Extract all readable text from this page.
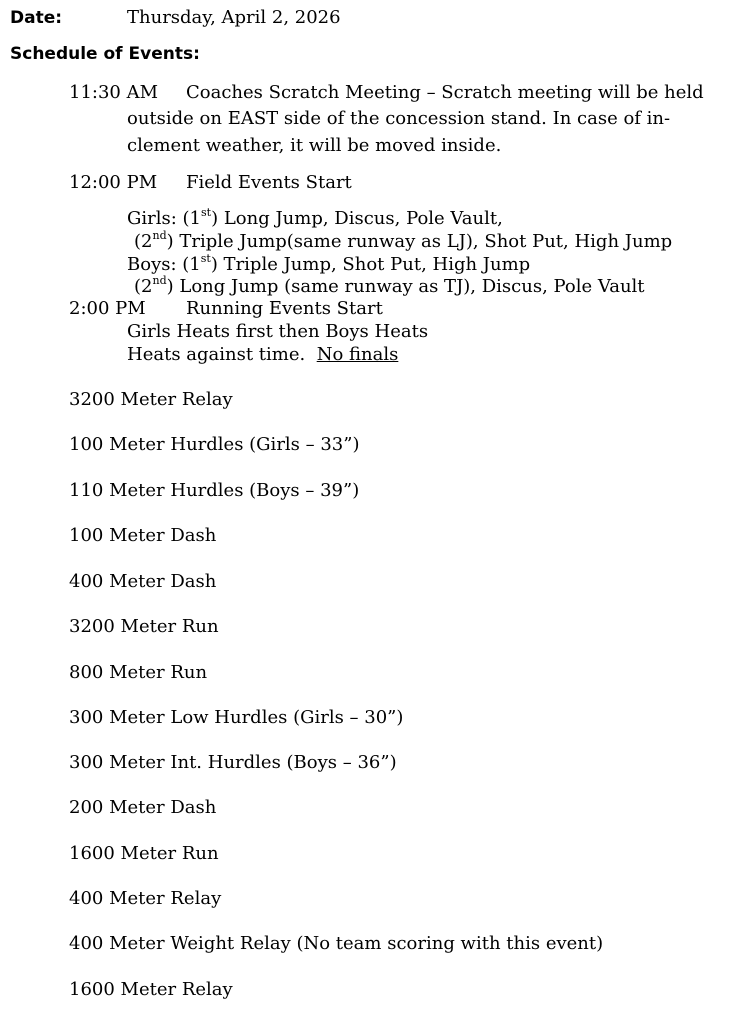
Date:	Thursday, April 2, 2026
Schedule of Events:
11:30 AM Coaches Scratch Meeting – Scratch meeting will be held
outside on EAST side of the concession stand. In case of in-
clement weather, it will be moved inside.
12:00 PM Field Events Start
Girls: (1st) Long Jump, Discus, Pole Vault,
(2nd) Triple Jump(same runway as LJ), Shot Put, High Jump
Boys: (1st) Triple Jump, Shot Put, High Jump
(2nd) Long Jump (same runway as TJ), Discus, Pole Vault
2:00 PM Running Events Start
Girls Heats first then Boys Heats
Heats against time.  No finals
3200 Meter Relay
100 Meter Hurdles (Girls – 33”)
110 Meter Hurdles (Boys – 39”)
100 Meter Dash
400 Meter Dash
3200 Meter Run
800 Meter Run
300 Meter Low Hurdles (Girls – 30”)
300 Meter Int. Hurdles (Boys – 36”)
200 Meter Dash
1600 Meter Run
400 Meter Relay
400 Meter Weight Relay (No team scoring with this event)
1600 Meter Relay
